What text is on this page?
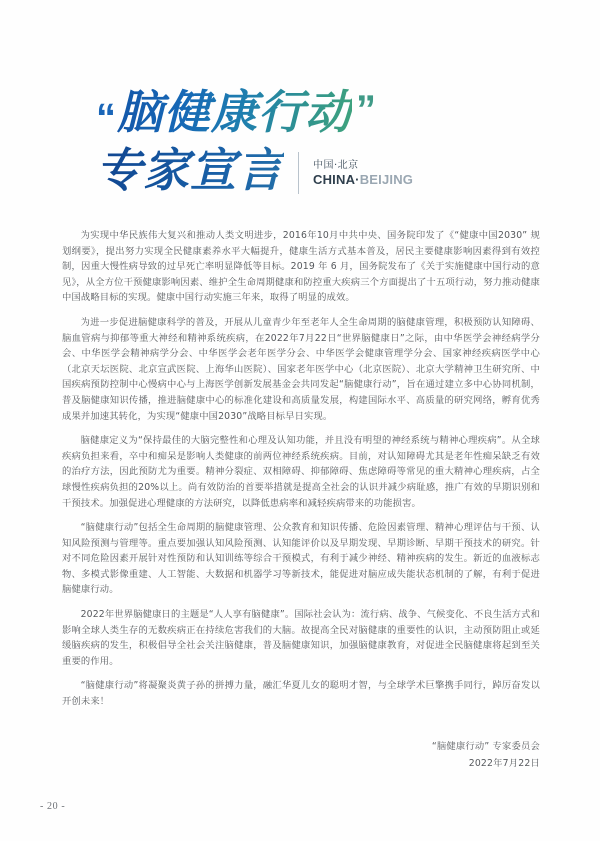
“ 脑健康行动 ”
专家宣言	中国·北京
CHINA·BEIJING

为实现中华民族伟大复兴和推动人类文明进步，2016年10月中共中央、国务院印发了《“健康中国2030” 规划纲要》，提出努力实现全民健康素养水平大幅提升，健康生活方式基本普及，居民主要健康影响因素得到有效控制，因重大慢性病导致的过早死亡率明显降低等目标。2019 年 6 月，国务院发布了《关于实施健康中国行动的意见》，从全方位干预健康影响因素、维护全生命周期健康和防控重大疾病三个方面提出了十五项行动，努力推动健康中国战略目标的实现。健康中国行动实施三年来，取得了明显的成效。

为进一步促进脑健康科学的普及，开展从儿童青少年至老年人全生命周期的脑健康管理，积极预防认知障碍、脑血管病与抑郁等重大神经和精神系统疾病，在2022年7月22日“世界脑健康日”之际，由中华医学会神经病学分会、中华医学会精神病学分会、中华医学会老年医学分会、中华医学会健康管理学分会、国家神经疾病医学中心（北京天坛医院、北京宣武医院、上海华山医院）、国家老年医学中心（北京医院）、北京大学精神卫生研究所、中国疾病预防控制中心慢病中心与上海医学创新发展基金会共同发起“脑健康行动”，旨在通过建立多中心协同机制，普及脑健康知识传播，推进脑健康中心的标准化建设和高质量发展，构建国际水平、高质量的研究网络，孵育优秀成果并加速其转化，为实现“健康中国2030”战略目标早日实现。

脑健康定义为“保持最佳的大脑完整性和心理及认知功能，并且没有明望的神经系统与精神心理疾病”。从全球疾病负担来看，卒中和痴呆是影响人类健康的前两位神经系统疾病。目前，对认知障碍尤其是老年性痴呆缺乏有效的治疗方法，因此预防尤为重要。精神分裂症、双相障碍、抑郁障碍、焦虑障碍等常见的重大精神心理疾病，占全球慢性疾病负担的20%以上。尚有效防治的首要举措就是提高全社会的认识并减少病耻感，推广有效的早期识别和干预技术。加强促进心理健康的方法研究，以降低患病率和减轻疾病带来的功能损害。

“脑健康行动”包括全生命周期的脑健康管理、公众教育和知识传播、危险因素管理、精神心理评估与干预、认知风险预测与管理等。重点要加强认知风险预测、认知能评价以及早期发现、早期诊断、早期干预技术的研究。针对不同危险因素开展针对性预防和认知训练等综合干预模式，有利于减少神经、精神疾病的发生。新近的血液标志物、多模式影像重建、人工智能、大数据和机器学习等新技术，能促进对脑应成失能状态机制的了解，有利于促进脑健康行动。

2022年世界脑健康日的主题是“人人享有脑健康”。国际社会认为：流行病、战争、气候变化、不良生活方式和影响全球人类生存的无数疾病正在持续危害我们的大脑。故提高全民对脑健康的重要性的认识，主动预防阻止或延缓脑疾病的发生，积极倡导全社会关注脑健康，普及脑健康知识，加强脑健康教育，对促进全民脑健康将起到至关重要的作用。

“脑健康行动”将凝聚炎黄子孙的拼搏力量，融汇华夏儿女的聪明才智，与全球学术巨擎携手同行，踔厉奋发以开创未来！

“脑健康行动” 专家委员会
2022年7月22日
- 20 -
